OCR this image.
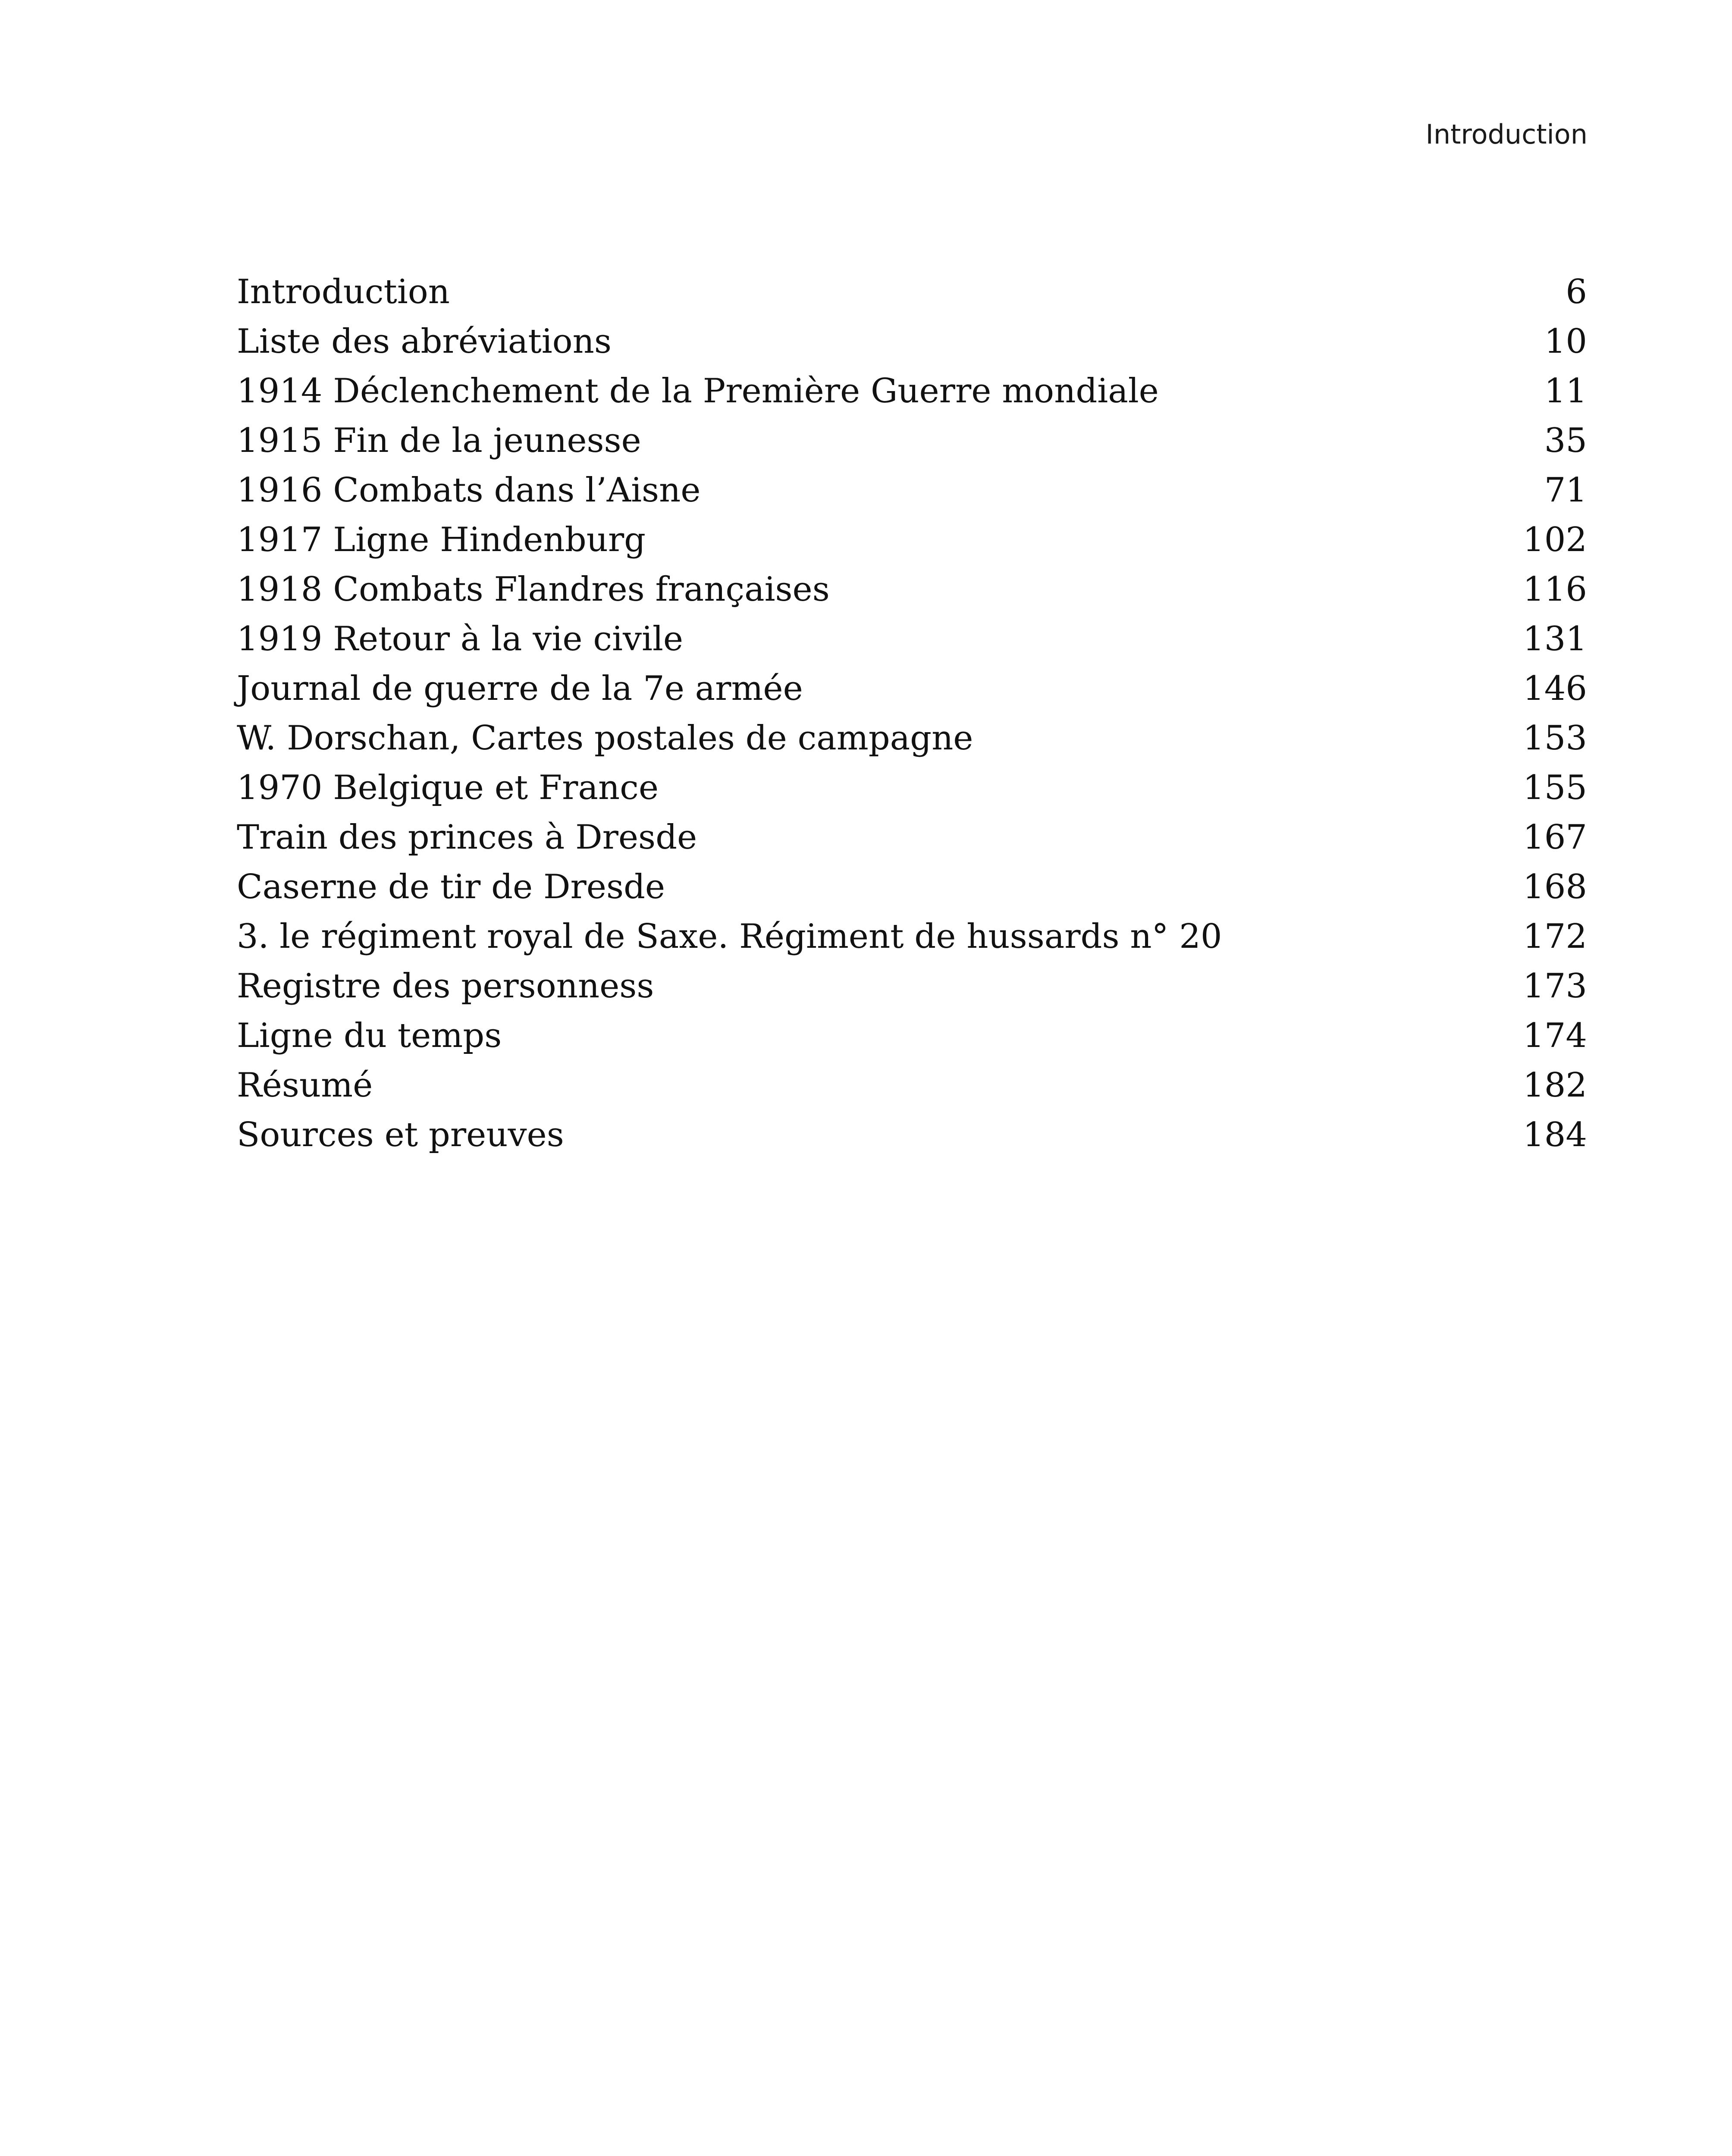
Introduction
Introduction	6
Liste des abréviations	10
1914 Déclenchement de la Première Guerre mondiale	11
1915 Fin de la jeunesse	35
1916 Combats dans l’Aisne	71
1917 Ligne Hindenburg	102
1918 Combats Flandres françaises	116
1919 Retour à la vie civile	131
Journal de guerre de la 7e armée	146
W. Dorschan, Cartes postales de campagne	153
1970 Belgique et France	155
Train des princes à Dresde	167
Caserne de tir de Dresde	168
3. le régiment royal de Saxe. Régiment de hussards n° 20	172
Registre des personness	173
Ligne du temps	174
Résumé	182
Sources et preuves	184
